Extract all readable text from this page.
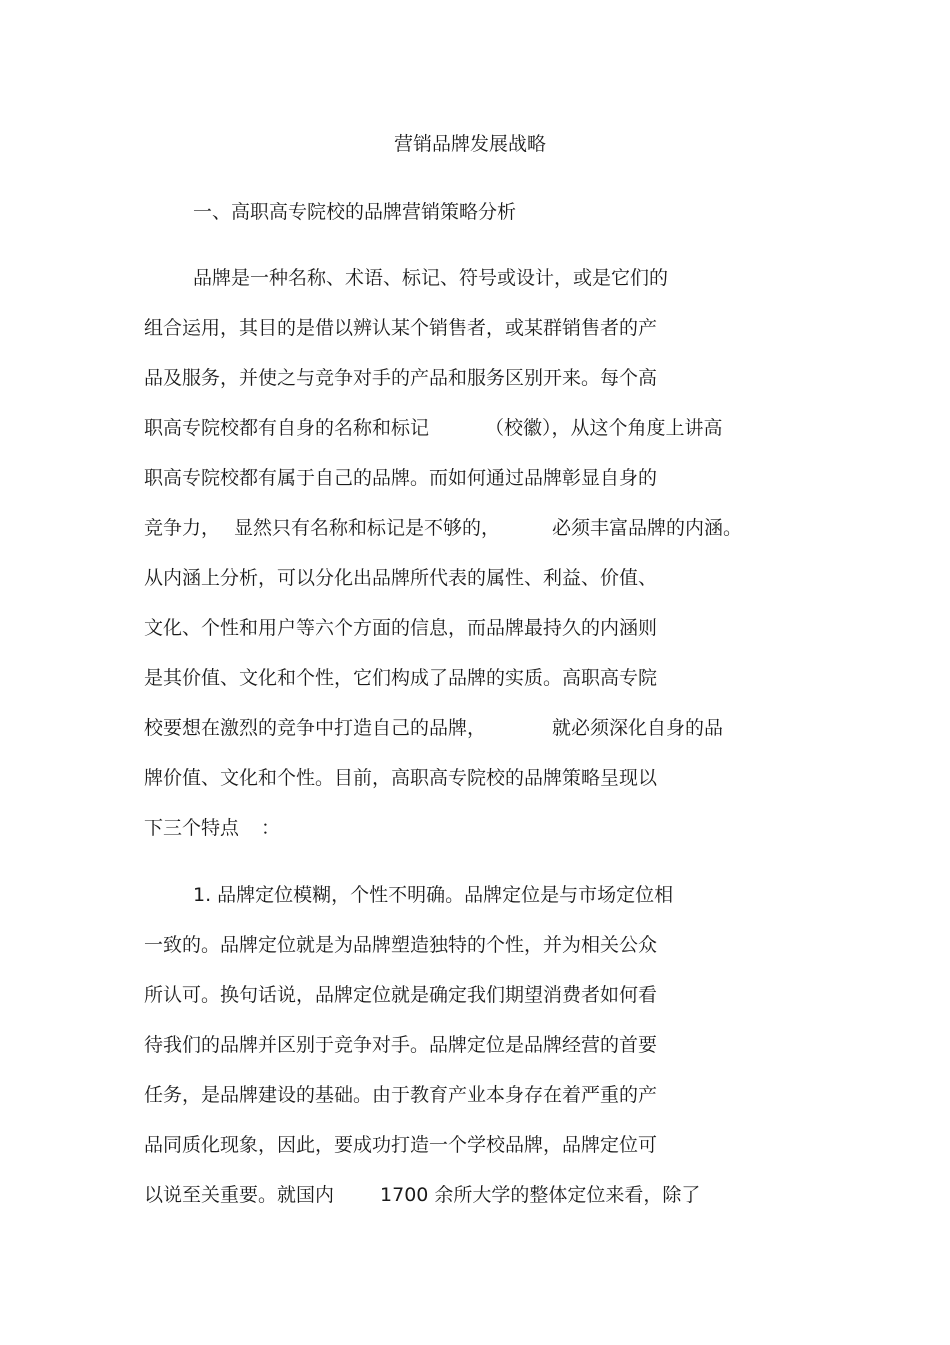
营销品牌发展战略
一、高职高专院校的品牌营销策略分析
品牌是一种名称、术语、标记、符号或设计，或是它们的
组合运用，其目的是借以辨认某个销售者，或某群销售者的产
品及服务，并使之与竞争对手的产品和服务区别开来。每个高
职高专院校都有自身的名称和标记	（校徽），从这个角度上讲高
职高专院校都有属于自己的品牌。而如何通过品牌彰显自身的
竞争力， 显然只有名称和标记是不够的，	必须丰富品牌的内涵。
从内涵上分析，可以分化出品牌所代表的属性、利益、价值、
文化、个性和用户等六个方面的信息，而品牌最持久的内涵则
是其价值、文化和个性，它们构成了品牌的实质。高职高专院
校要想在激烈的竞争中打造自己的品牌，	就必须深化自身的品
牌价值、文化和个性。目前，高职高专院校的品牌策略呈现以
下三个特点 ：
1. 品牌定位模糊，个性不明确。品牌定位是与市场定位相
一致的。品牌定位就是为品牌塑造独特的个性，并为相关公众
所认可。换句话说，品牌定位就是确定我们期望消费者如何看
待我们的品牌并区别于竞争对手。品牌定位是品牌经营的首要
任务，是品牌建设的基础。由于教育产业本身存在着严重的产
品同质化现象，因此，要成功打造一个学校品牌，品牌定位可
以说至关重要。就国内 1700 余所大学的整体定位来看，除了
